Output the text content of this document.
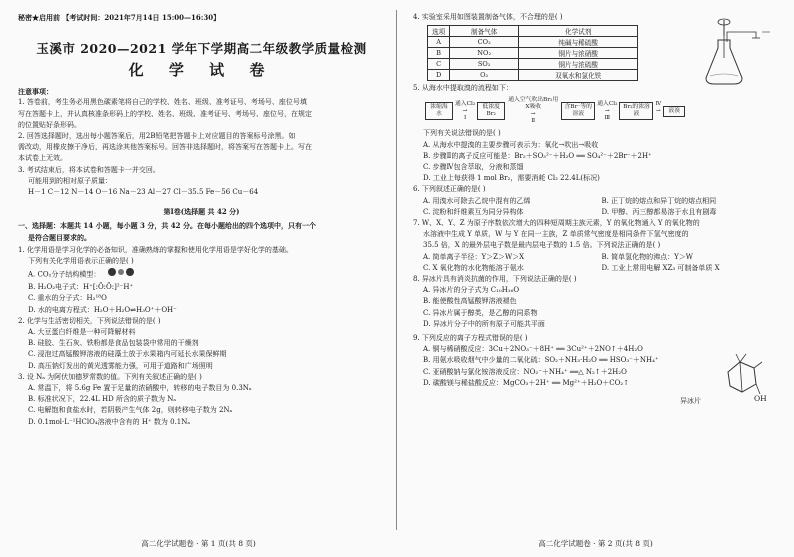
秘密★启用前 【考试时间：2021年7月14日 15:00—16:30】
玉溪市 2020—2021 学年下学期高二年级教学质量检测
化 学 试 卷
注意事项：
1. 答卷前，考生务必用黑色碳素笔将自己的学校、姓名、班级、准考证号、考场号、座位号填
写在答题卡上，并认真核准条形码上的学校、姓名、班级、准考证号、考场号、座位号，在规定
的位置贴好条形码。
2. 回答选择题时，选出每小题答案后，用2B铅笔把答题卡上对应题目的答案标号涂黑。如
需改动，用橡皮擦干净后，再选涂其他答案标号。回答非选择题时，将答案写在答题卡上。写在
本试卷上无效。
3. 考试结束后，将本试卷和答题卡一并交回。
可能用到的相对原子质量：
H－1 C－12 N－14 O－16 Na－23 Al－27 Cl－35.5 Fe－56 Cu－64
第Ⅰ卷(选择题 共 42 分)
一、选择题：本题共 14 小题，每小题 3 分，共 42 分。在每小题给出的四个选项中，只有一个
是符合题目要求的。
1. 化学用语是学习化学的必备知识，准确熟练的掌握和使用化学用语是学好化学的基础。
下列有关化学用语表示正确的是( )
A. CO₂分子结构模型：
B. H₂O₂电子式：H⁺[:Ö:Ö:]²⁻H⁺
C. 重水的分子式：H₂¹⁸O
D. 水的电离方程式：H₂O＋H₂O⇌H₃O⁺＋OH⁻
2. 化学与生活密切相关，下列说法错误的是( )
A. 大豆蛋白纤维是一种可降解材料
B. 硅胶、生石灰、铁粉都是食品包装袋中常用的干燥剂
C. 浸泡过高锰酸钾溶液的硅藻土放于水果箱内可延长水果保鲜期
D. 高压钠灯发出的黄光透雾能力强，可用于道路和广场照明
3. 设 Nₐ 为阿伏加德罗常数的值。下列有关叙述正确的是( )
A. 常温下，将 5.6g Fe 置于足量的浓硝酸中，转移的电子数目为 0.3Nₐ
B. 标准状况下，22.4L HD 所含的质子数为 Nₐ
C. 电解饱和食盐水时，若阴极产生气体 2g，则转移电子数为 2Nₐ
D. 0.1mol·L⁻¹HClO₄溶液中含有的 H⁺ 数为 0.1Nₐ
高二化学试题卷 · 第 1 页(共 8 页)
4. 实验室采用如图装置制备气体，不合理的是( )
选项	制备气体	化学试剂
A	CO₂	纯碱与稀硫酸
B	NO₂	铜片与浓硝酸
C	SO₂	铜片与浓硫酸
D	O₂	双氧水和氯化铁
5. 从海水中提取溴的流程如下：
浓缩海水
通入Cl₂
→
Ⅰ
低浓度Br₂
通入空气吹出Br₂用X吸收
→
Ⅱ
含Br⁻等的溶液
通入Cl₂
→
Ⅲ
Br₂的浓溶液
Ⅳ
→
	液溴
下列有关说法错误的是( )
A. 从海水中提溴的主要步骤可表示为：氧化→吹出→吸收
B. 步骤Ⅱ的离子反应可能是：Br₂＋SO₃²⁻＋H₂O ══ SO₄²⁻＋2Br⁻＋2H⁺
C. 步骤Ⅳ包含萃取，分液和蒸馏
D. 工业上每获得 1 mol Br₂，需要消耗 Cl₂ 22.4L(标况)
6. 下列叙述正确的是( )
A. 用溴水可除去乙烷中混有的乙烯	B. 正丁烷的熔点和异丁烷的熔点相同
C. 淀粉和纤维素互为同分异构体	D. 甲醇、丙三醇都易溶于水且有剧毒
7. W、X、Y、Z 为原子序数依次增大的四种短周期主族元素，Y 的氧化物通入 Y 的氧化物的
水溶液中生成 Y 单质，W 与 Y 在同一主族，Z 单质常气密度是相同条件下氢气密度的
35.5 倍，X 的最外层电子数是最内层电子数的 1.5 倍。下列说法正确的是( )
A. 简单离子半径：Y＞Z＞W＞X	B. 简单氢化物的沸点：Y＞W
C. X 氧化物的水化物能溶于氨水	D. 工业上常用电解 XZ₃ 可制备单质 X
8. 异冰片具有消炎抗菌的作用，下列说法正确的是( )
A. 异冰片的分子式为 C₁₀H₁₆O
B. 能使酸性高锰酸钾溶液褪色
C. 异冰片属于醇类，是乙醇的同系物
D. 异冰片分子中的所有原子可能共平面
9. 下列反应的离子方程式错误的是( )
A. 铜与稀硝酸反应：3Cu＋2NO₃⁻＋8H⁺ ══ 3Cu²⁺＋2NO↑＋4H₂O
B. 用氨水吸收烟气中少量的二氧化硫：SO₂＋NH₃·H₂O ══ HSO₃⁻＋NH₄⁺
C. 亚硝酸钠与氯化铵溶液反应：NO₂⁻＋NH₄⁺ ══△ N₂↑＋2H₂O
D. 碳酸镁与稀盐酸反应：MgCO₃＋2H⁺ ══ Mg²⁺＋H₂O＋CO₂↑
高二化学试题卷 · 第 2 页(共 8 页)
异冰片	OH
